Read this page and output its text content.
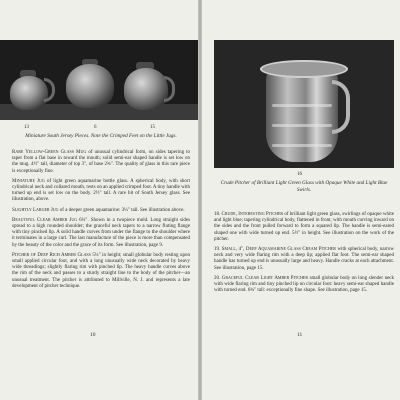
13	6	15
Miniature South Jersey Pieces. Note the Crimped Feet on the Little Jugs.

Rare Yellow-Green Glass Mug of unusual cylindrical form, on sides tapering to taper from a flat base in toward the mouth; solid semi-ear shaped handle is set low on the mug. 4½" tall, diameter of top 3", of base 2¾". The quality of glass in this rare piece is exceptionally fine.

Miniature Jug of light green aquamarine bottle glass. A spherical body, with short cylindrical neck and collared mouth, rests on an applied crimped foot. A tiny handle with turned up end is set low on the body. 2½" tall. A rare bit of South Jersey glass. See illustration, above.

Slightly Larger Jug of a deeper green aquamarine: 3¼" tall. See illustration above.

Beautiful Clear Amber Jug 6¼". Shown in a twopiece mold. Long straight sides spread to a high rounded shoulder; the graceful neck tapers to a narrow fluting flange with tiny pinched lip. A solid handle curves from under the flange to the shoulder where it terminates in a large curl. The last manufacture of the piece is more than compensated by the beauty of the color and the grace of its form. See illustration, page 9.

Pitcher of Deep Rich Amber Glass 5¼" in height; small globular body resting upon small applied circular foot, and with a long unusually wide neck decorated by heavy wide threadings; slightly flaring rim with pinched lip. The heavy handle curves above the rim of the neck and passes to a sturdy straight line to the body of the pitcher—an unusual treatment. The pitcher is attributed to Millville, N. J. and represents a late development of pitcher technique.

10
16
Crude Pitcher of Brilliant Light Green Glass with Opaque White and Light Blue Swirls.

18. Crude, Interesting Pitcher of brilliant light green glass, swirlings of opaque white and light blue; tapering cylindrical body, flattened in front, with mouth curving inward on the sides and the front pulled forward to form a squared lip. The handle is semi-eared shaped one with wide turned up end. 5½" in height. See illustration on the work of the pitcher.

19. Small, 4", Deep Aquamarine Glass Cream Pitcher with spherical body, narrow neck and very wide flaring rim with a deep lip; applied flat foot. The semi-ear shaped handle has turned up end is unusually large and heavy. Handle cracks at each attachment. See illustration, page 15.

20. Graceful Clear Light Amber Pitcher small globular body on long slender neck with wide flaring rim and tiny pinched lip on circular foot: heavy semi-ear shaped handle with turned end. 6¾" tall: exceptionally fine shape. See illustration, page 15.

11
